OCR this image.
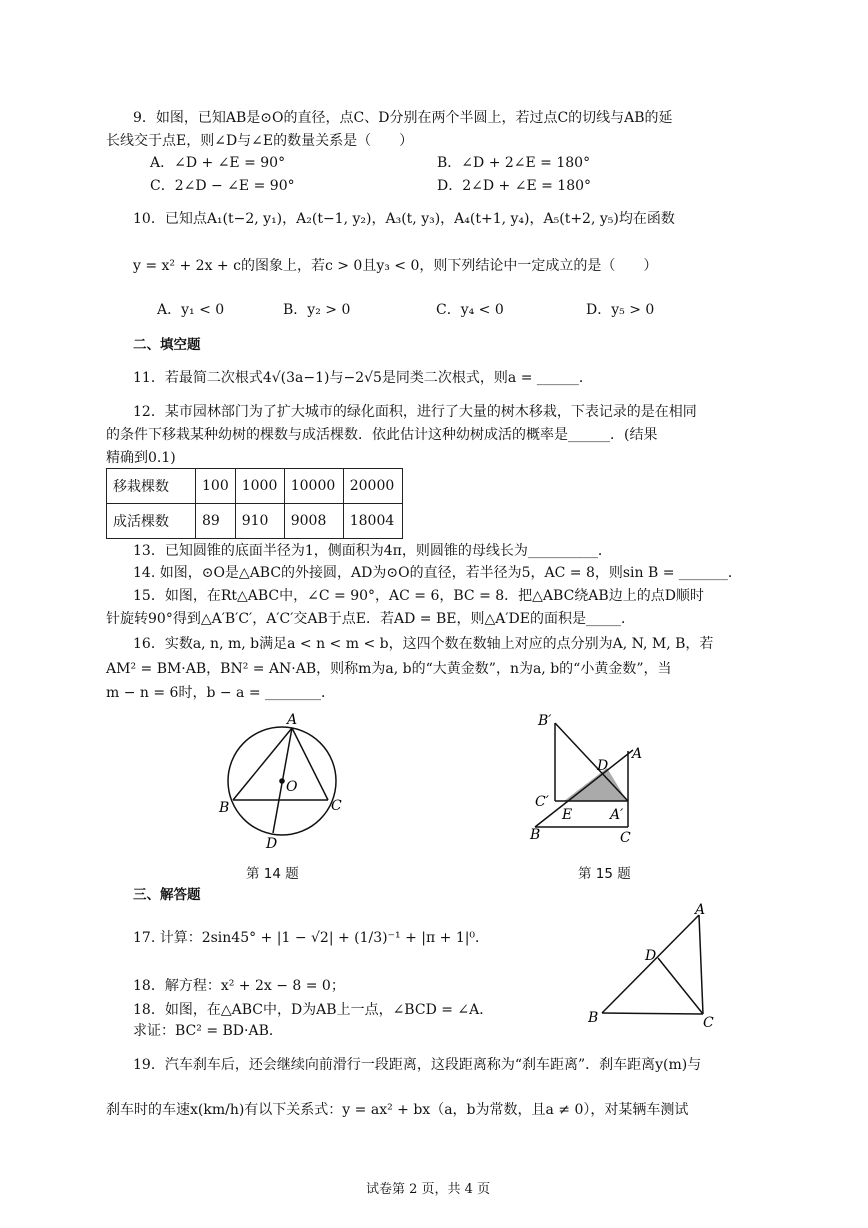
9．如图，已知AB是⊙O的直径，点C、D分别在两个半圆上，若过点C的切线与AB的延
长线交于点E，则∠D与∠E的数量关系是（　　）
A．∠D + ∠E = 90°	B．∠D + 2∠E = 180°
C．2∠D − ∠E = 90°	D．2∠D + ∠E = 180°
10．已知点A₁(t−2, y₁)，A₂(t−1, y₂)，A₃(t, y₃)，A₄(t+1, y₄)，A₅(t+2, y₅)均在函数
y = x² + 2x + c的图象上，若c > 0且y₃ < 0，则下列结论中一定成立的是（　　）
A．y₁ < 0	B．y₂ > 0	C．y₄ < 0	D．y₅ > 0
二、填空题
11．若最简二次根式4√(3a−1)与−2√5是同类二次根式，则a = ______．
12．某市园林部门为了扩大城市的绿化面积，进行了大量的树木移栽，下表记录的是在相同
的条件下移栽某种幼树的棵数与成活棵数．依此估计这种幼树成活的概率是______．(结果
精确到0.1)
移栽棵数	100	1000	10000	20000
成活棵数	89	910	9008	18004
13．已知圆锥的底面半径为1，侧面积为4π，则圆锥的母线长为__________．
14. 如图，⊙O是△ABC的外接圆，AD为⊙O的直径，若半径为5，AC = 8，则sin B = _______．
15．如图，在Rt△ABC中，∠C = 90°，AC = 6，BC = 8．把△ABC绕AB边上的点D顺时
针旋转90°得到△A′B′C′，A′C′交AB于点E．若AD = BE，则△A′DE的面积是_____．
16．实数a, n, m, b满足a < n < m < b，这四个数在数轴上对应的点分别为A, N, M, B，若
AM² = BM·AB，BN² = AN·AB，则称m为a, b的“大黄金数”，n为a, b的“小黄金数”，当
m − n = 6时，b − a = ________．
A
B	C
D
O
第 14 题
B′
A
D
C′
E	A′
B	C
第 15 题
三、解答题
17. 计算：2sin45° + |1 − √2| + (1/3)⁻¹ + |π + 1|⁰．
18．解方程：x² + 2x − 8 = 0；
18．如图，在△ABC中，D为AB上一点，∠BCD = ∠A．
求证：BC² = BD·AB．
A
D
B	C
19．汽车刹车后，还会继续向前滑行一段距离，这段距离称为“刹车距离”．刹车距离y(m)与
刹车时的车速x(km/h)有以下关系式：y = ax² + bx（a，b为常数，且a ≠ 0），对某辆车测试
试卷第 2 页，共 4 页
